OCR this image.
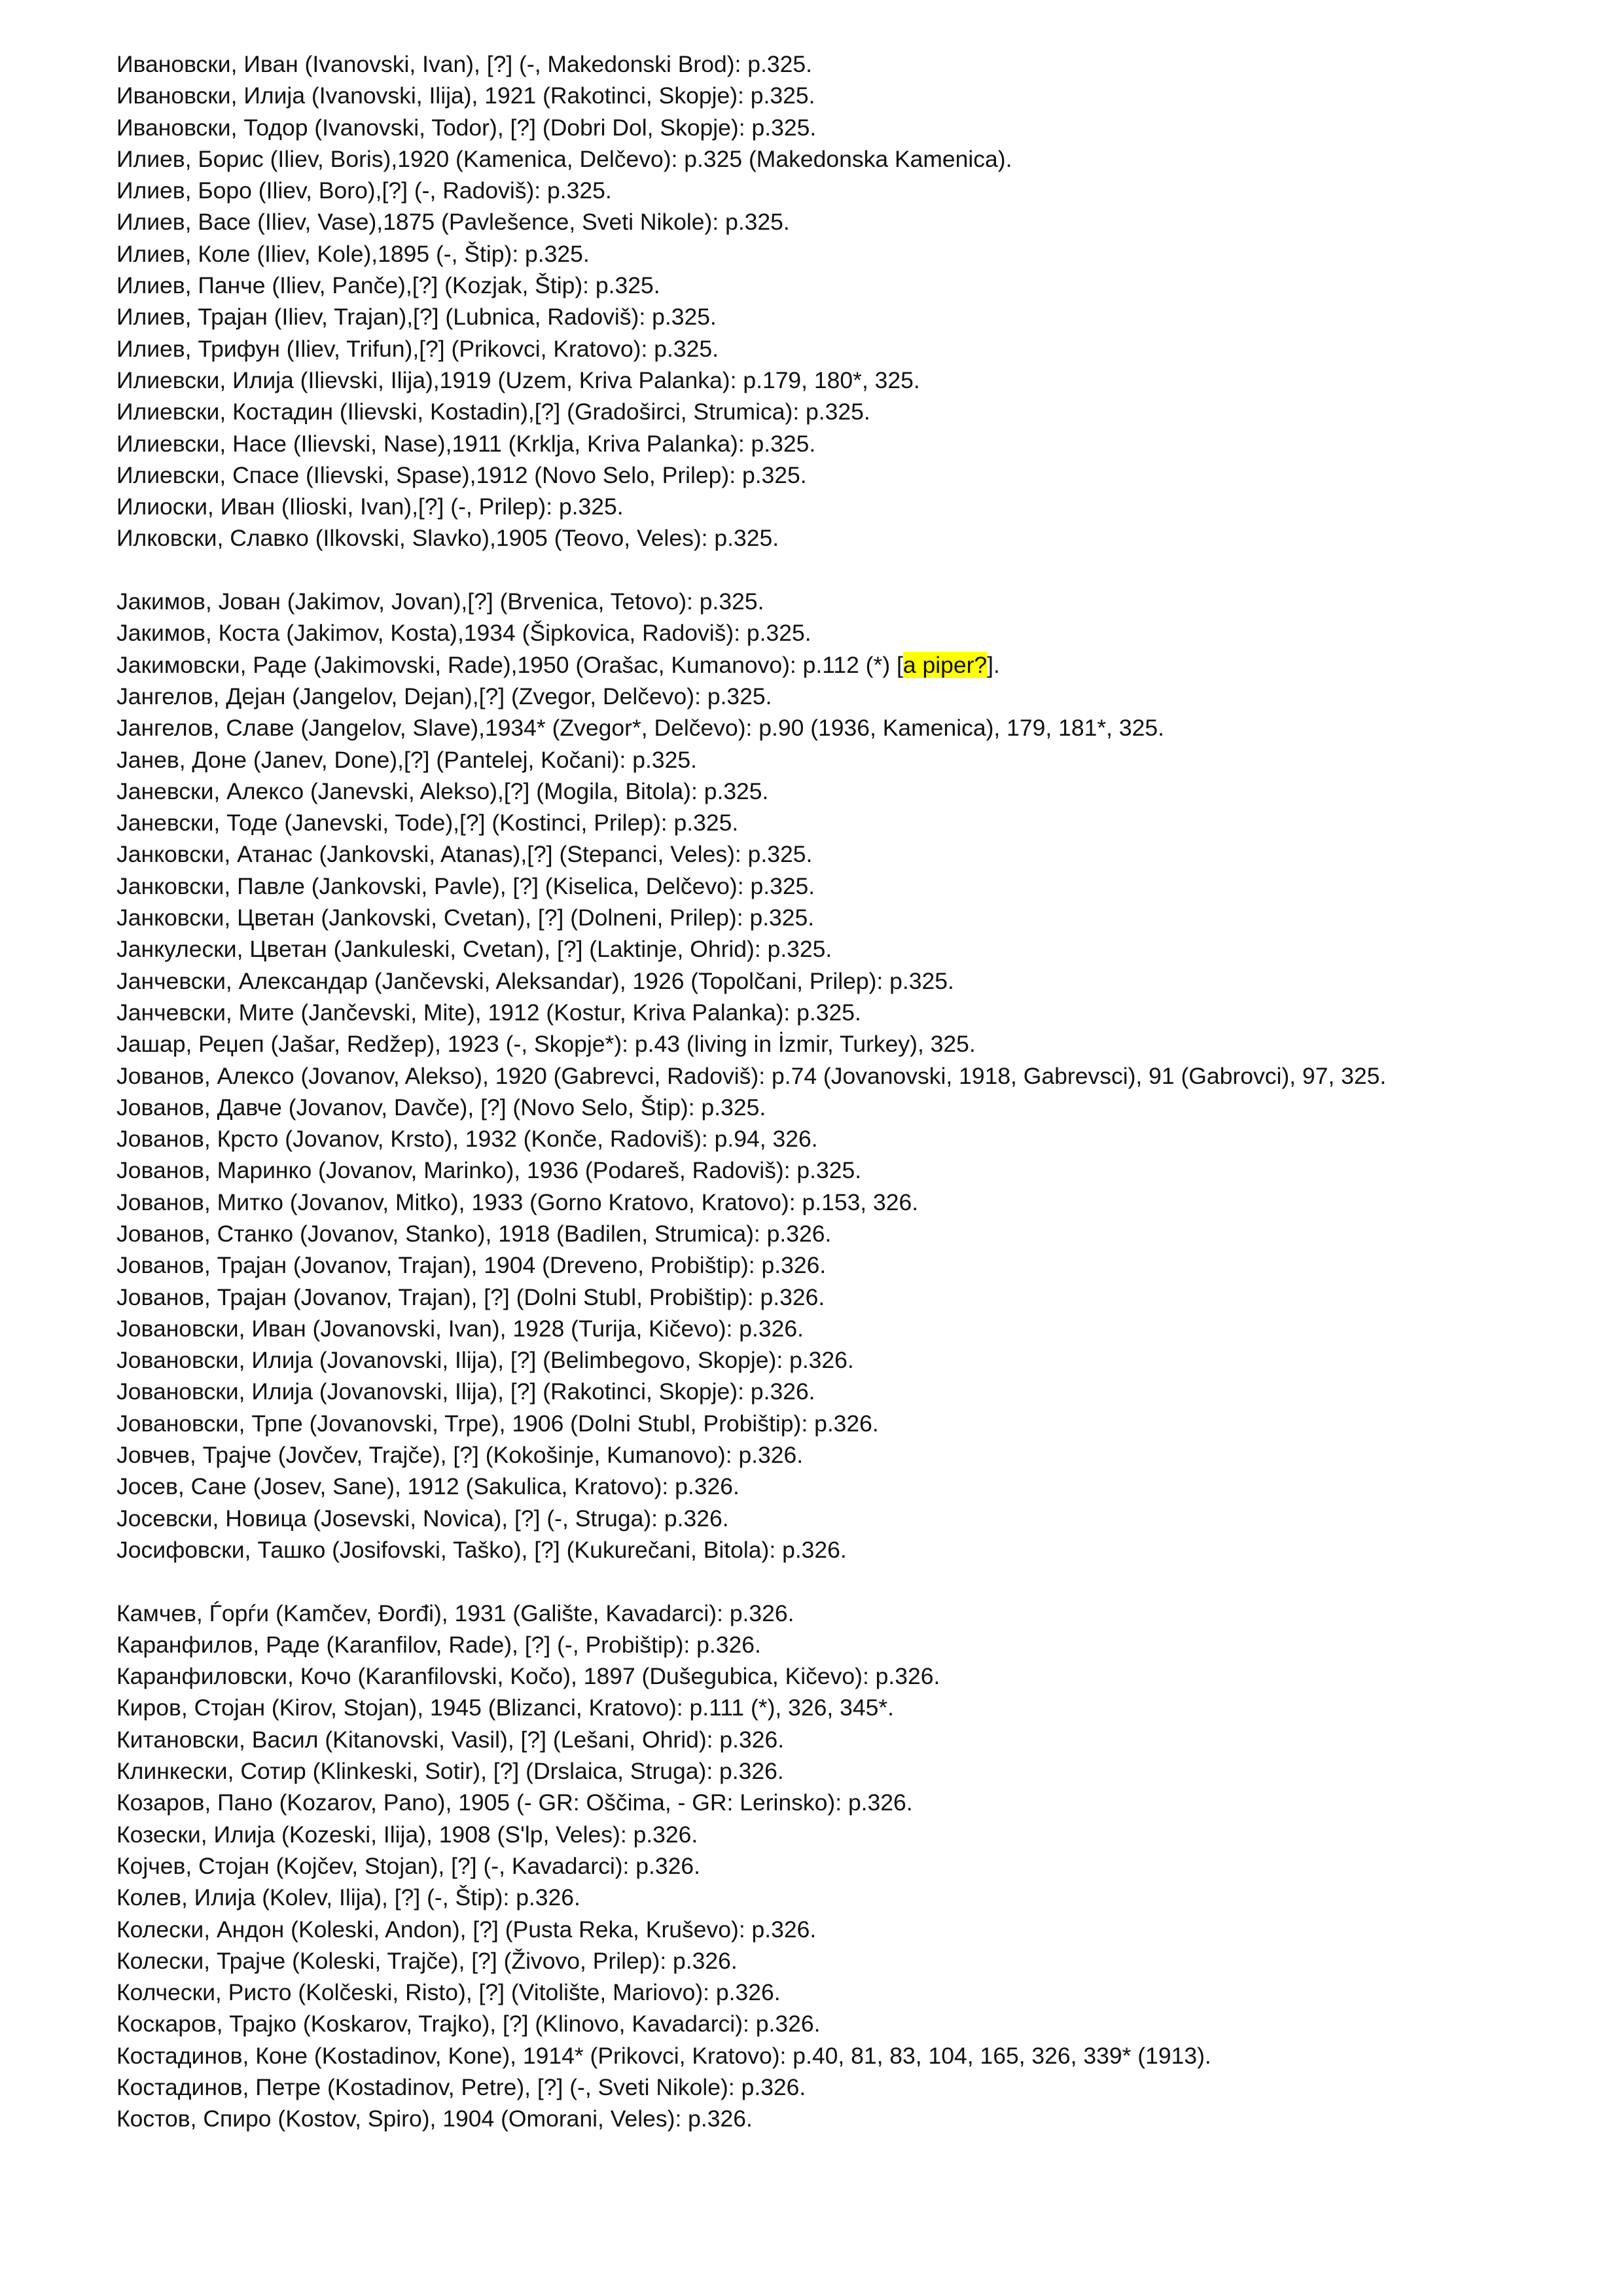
Ивановски, Иван (Ivanovski, Ivan), [?] (-, Makedonski Brod): p.325.
Ивановски, Илија (Ivanovski, Ilija), 1921 (Rakotinci, Skopje): p.325.
Ивановски, Тодор (Ivanovski, Todor), [?] (Dobri Dol, Skopje): p.325.
Илиев, Борис (Iliev, Boris),1920 (Kamenica, Delčevo): p.325 (Makedonska Kamenica).
Илиев, Боро (Iliev, Boro),[?] (-, Radoviš): p.325.
Илиев, Васе (Iliev, Vase),1875 (Pavlešence, Sveti Nikole): p.325.
Илиев, Коле (Iliev, Kole),1895 (-, Štip): p.325.
Илиев, Панче (Iliev, Panče),[?] (Kozjak, Štip): p.325.
Илиев, Трајан (Iliev, Trajan),[?] (Lubnica, Radoviš): p.325.
Илиев, Трифун (Iliev, Trifun),[?] (Prikovci, Kratovo): p.325.
Илиевски, Илија (Ilievski, Ilija),1919 (Uzem, Kriva Palanka): p.179, 180*, 325.
Илиевски, Костадин (Ilievski, Kostadin),[?] (Gradoširci, Strumica): p.325.
Илиевски, Насе (Ilievski, Nase),1911 (Krklja, Kriva Palanka): p.325.
Илиевски, Спасе (Ilievski, Spase),1912 (Novo Selo, Prilep): p.325.
Илиоски, Иван (Ilioski, Ivan),[?] (-, Prilep): p.325.
Илковски, Славко (Ilkovski, Slavko),1905 (Teovo, Veles): p.325.
Јакимов, Јован (Jakimov, Jovan),[?] (Brvenica, Tetovo): p.325.
Јакимов, Коста (Jakimov, Kosta),1934 (Šipkovica, Radoviš): p.325.
Јакимовски, Раде (Jakimovski, Rade),1950 (Orašac, Kumanovo): p.112 (*) [a piper?].
Јангелов, Дејан (Jangelov, Dejan),[?] (Zvegor, Delčevo): p.325.
Јангелов, Славе (Jangelov, Slave),1934* (Zvegor*, Delčevo): p.90 (1936, Kamenica), 179, 181*, 325.
Јанев, Доне (Janev, Done),[?] (Pantelej, Kočani): p.325.
Јаневски, Алексо (Janevski, Alekso),[?] (Mogila, Bitola): p.325.
Јаневски, Тоде (Janevski, Tode),[?] (Kostinci, Prilep): p.325.
Јанковски, Атанас (Jankovski, Atanas),[?] (Stepanci, Veles): p.325.
Јанковски, Павле (Jankovski, Pavle), [?] (Kiselica, Delčevo): p.325.
Јанковски, Цветан (Jankovski, Cvetan), [?] (Dolneni, Prilep): p.325.
Јанкулески, Цветан (Jankuleski, Cvetan), [?] (Laktinje, Ohrid): p.325.
Јанчевски, Александар (Jančevski, Aleksandar), 1926 (Topolčani, Prilep): p.325.
Јанчевски, Мите (Jančevski, Mite), 1912 (Kostur, Kriva Palanka): p.325.
Јашар, Реџеп (Jašar, Redžep), 1923 (-, Skopje*): p.43 (living in İzmir, Turkey), 325.
Јованов, Алексо (Jovanov, Alekso), 1920 (Gabrevci, Radoviš): p.74 (Jovanovski, 1918, Gabrevsci), 91 (Gabrovci), 97, 325.
Јованов, Давче (Jovanov, Davče), [?] (Novo Selo, Štip): p.325.
Јованов, Крсто (Jovanov, Krsto), 1932 (Konče, Radoviš): p.94, 326.
Јованов, Маринко (Jovanov, Marinko), 1936 (Podareš, Radoviš): p.325.
Јованов, Митко (Jovanov, Mitko), 1933 (Gorno Kratovo, Kratovo): p.153, 326.
Јованов, Станко (Jovanov, Stanko), 1918 (Badilen, Strumica): p.326.
Јованов, Трајан (Jovanov, Trajan), 1904 (Dreveno, Probištip): p.326.
Јованов, Трајан (Jovanov, Trajan), [?] (Dolni Stubl, Probištip): p.326.
Јовановски, Иван (Jovanovski, Ivan), 1928 (Turija, Kičevo): p.326.
Јовановски, Илија (Jovanovski, Ilija), [?] (Belimbegovo, Skopje): p.326.
Јовановски, Илија (Jovanovski, Ilija), [?] (Rakotinci, Skopje): p.326.
Јовановски, Трпе (Jovanovski, Trpe), 1906 (Dolni Stubl, Probištip): p.326.
Јовчев, Трајче (Jovčev, Trajče), [?] (Kokošinje, Kumanovo): p.326.
Јосев, Сане (Josev, Sane), 1912 (Sakulica, Kratovo): p.326.
Јосевски, Новица (Josevski, Novica), [?] (-, Struga): p.326.
Јосифовски, Ташко (Josifovski, Taško), [?] (Kukurečani, Bitola): p.326.
Камчев, Ѓорѓи (Kamčev, Đorđi), 1931 (Galište, Kavadarci): p.326.
Каранфилов, Раде (Karanfilov, Rade), [?] (-, Probištip): p.326.
Каранфиловски, Кочо (Karanfilovski, Kočo), 1897 (Dušegubica, Kičevo): p.326.
Киров, Стојан (Kirov, Stojan), 1945 (Blizanci, Kratovo): p.111 (*), 326, 345*.
Китановски, Васил (Kitanovski, Vasil), [?] (Lešani, Ohrid): p.326.
Клинкески, Сотир (Klinkeski, Sotir), [?] (Drslaica, Struga): p.326.
Козаров, Пано (Kozarov, Pano), 1905 (- GR: Oščima, - GR: Lerinsko): p.326.
Козески, Илија (Kozeski, Ilija), 1908 (S'lp, Veles): p.326.
Којчев, Стојан (Kojčev, Stojan), [?] (-, Kavadarci): p.326.
Колев, Илија (Kolev, Ilija), [?] (-, Štip): p.326.
Колески, Андон (Koleski, Andon), [?] (Pusta Reka, Kruševo): p.326.
Колески, Трајче (Koleski, Trajče), [?] (Živovo, Prilep): p.326.
Колчески, Ристо (Kolčeski, Risto), [?] (Vitolište, Mariovo): p.326.
Коскаров, Трајко (Koskarov, Trajko), [?] (Klinovo, Kavadarci): p.326.
Костадинов, Коне (Kostadinov, Kone), 1914* (Prikovci, Kratovo): p.40, 81, 83, 104, 165, 326, 339* (1913).
Костадинов, Петре (Kostadinov, Petre), [?] (-, Sveti Nikole): p.326.
Костов, Спиро (Kostov, Spiro), 1904 (Omorani, Veles): p.326.
